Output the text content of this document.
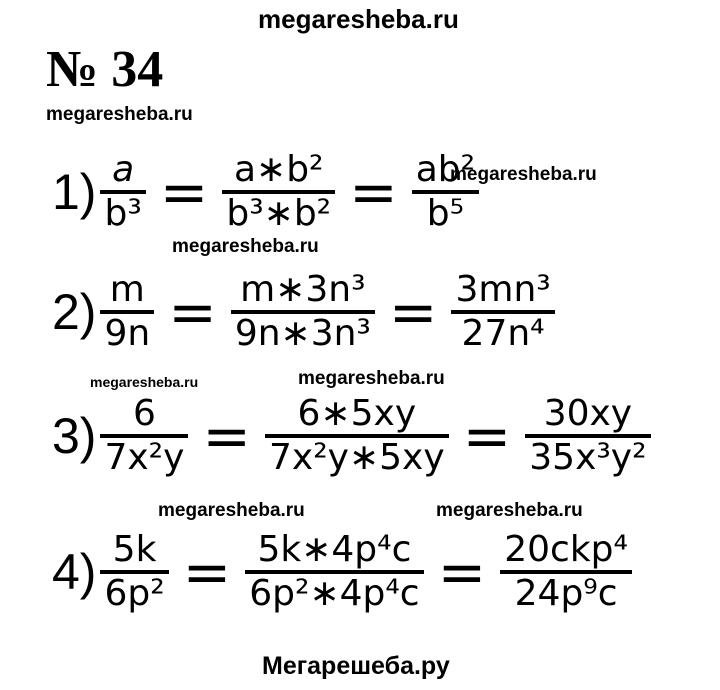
megaresheba.ru
№ 34
megaresheba.ru
$1) \frac{a}{\text{b³}} = \frac{\text{a∗b²}}{\text{b³∗b²}} = \frac{\text{ab²}}{\text{b⁵}}$
megaresheba.ru
megaresheba.ru
$2) \frac{m}{9n} = \frac{\text{m∗3n³}}{\text{9n∗3n³}} = \frac{\text{3mn³}}{\text{27n⁴}}$
megaresheba.ru	megaresheba.ru
$3) \frac{6}{\text{7x²y}} = \frac{6∗5xy}{\text{7x²y∗5xy}} = \frac{30xy}{\text{35x³y²}}$
megaresheba.ru	megaresheba.ru
$4) \frac{5k}{\text{6p²}} = \frac{\text{5k∗4p⁴c}}{\text{6p²∗4p⁴c}} = \frac{\text{20ckp⁴}}{\text{24p⁹c}}$
Мегарешеба.ру
